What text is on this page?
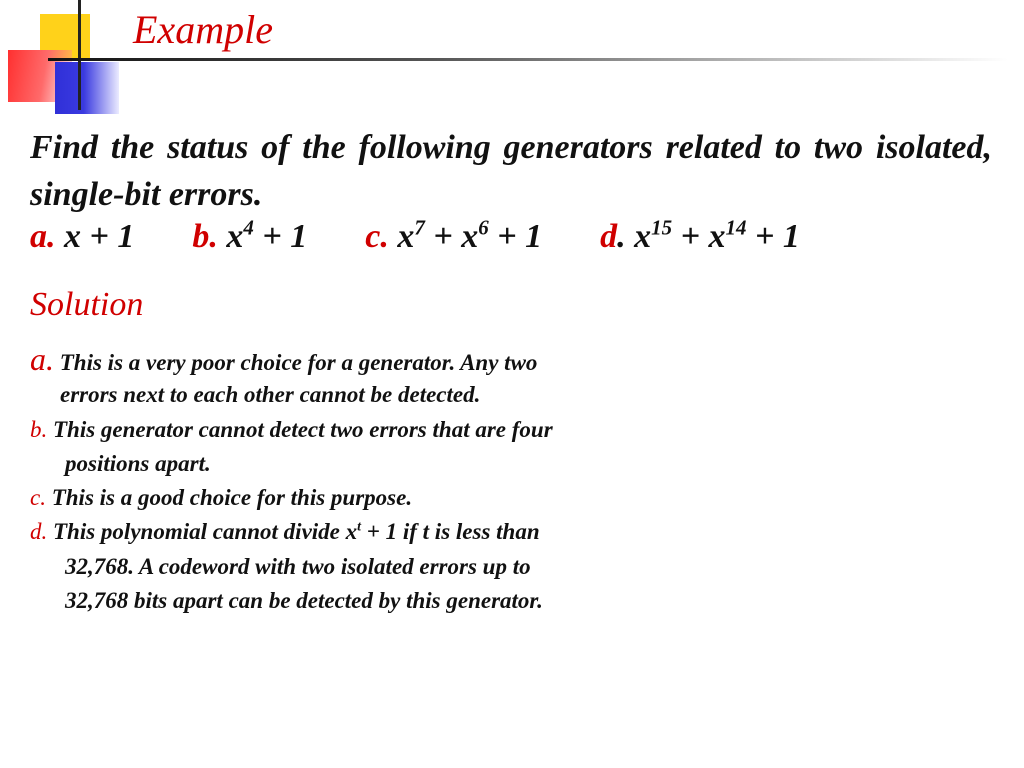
Example
Find the status of the following generators related to two isolated, single-bit errors.
a. x + 1 b. $x^4 + 1$ c. $x^7 + x^6 + 1$ d. $x^{15} + x^{14} + 1$
Solution
a. This is a very poor choice for a generator. Any two
errors next to each other cannot be detected.
b. This generator cannot detect two errors that are four
positions apart.
c. This is a good choice for this purpose.
d. This polynomial cannot divide $x^t + 1$ if t is less than
32,768. A codeword with two isolated errors up to
32,768 bits apart can be detected by this generator.
